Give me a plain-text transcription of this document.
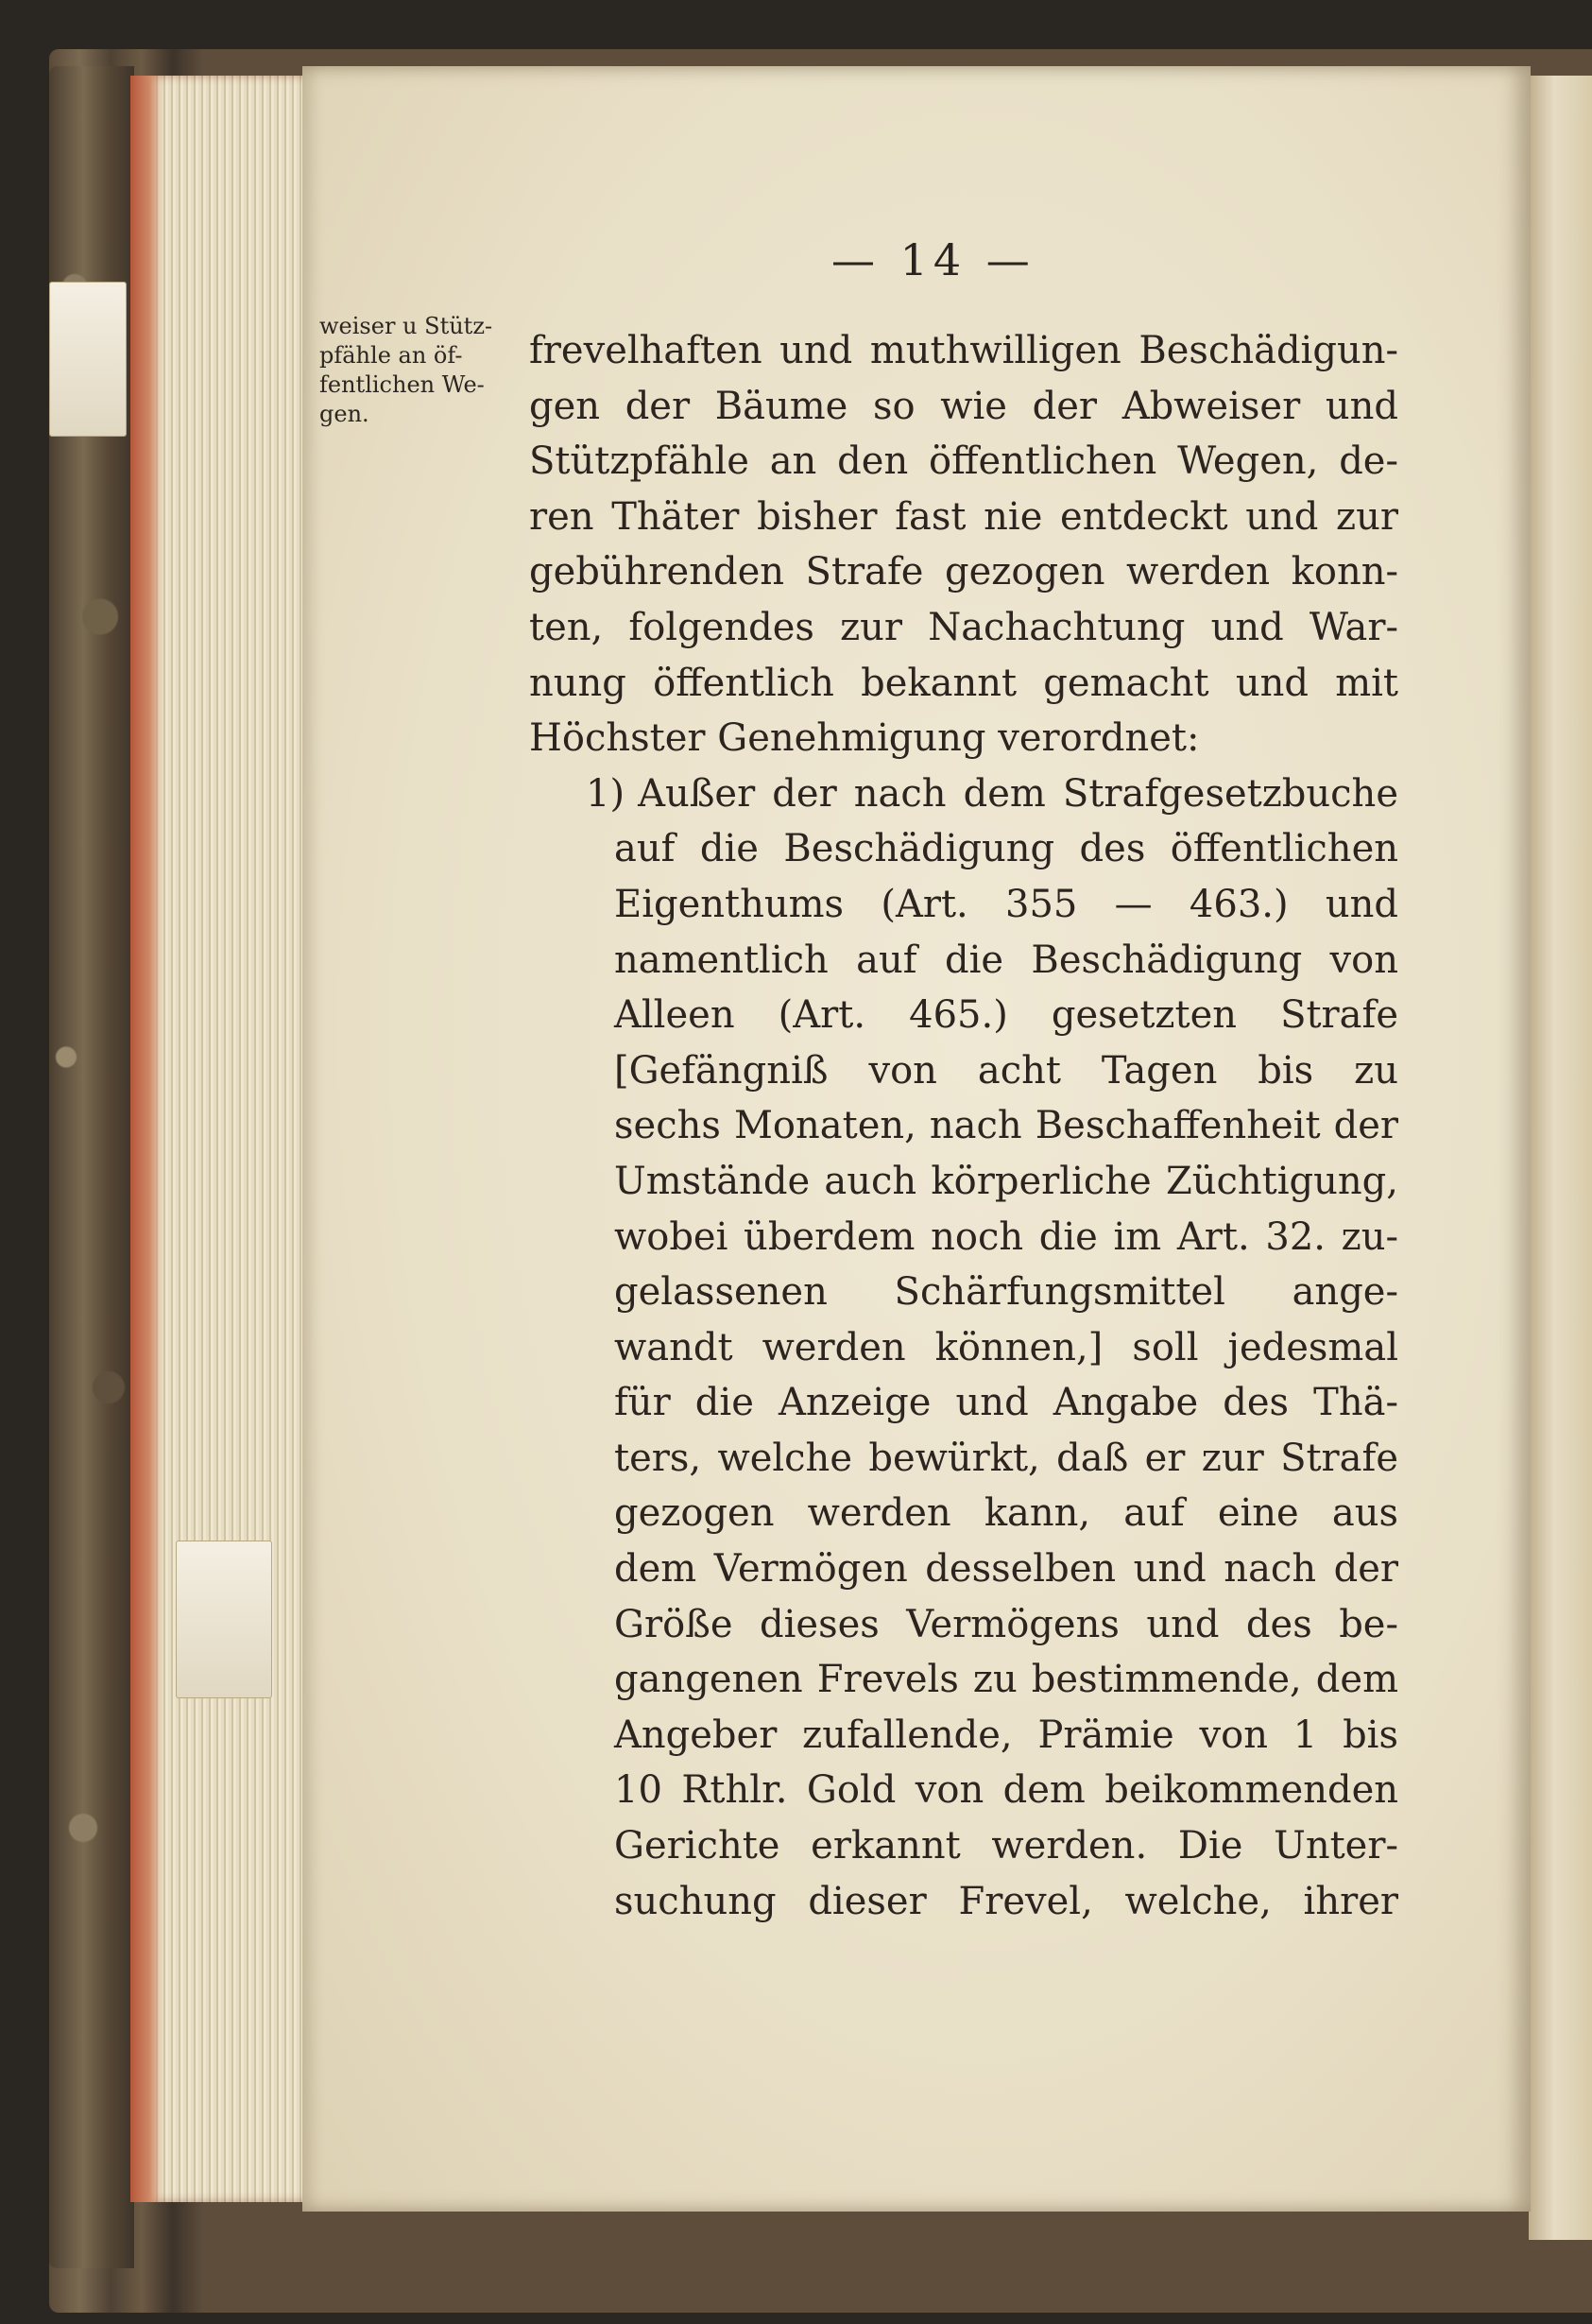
— 14 —
weiser u Stütz-
pfähle an öf-
fentlichen We-
gen.
frevelhaften und muthwilligen Beschädigun-
gen der Bäume so wie der Abweiser und
Stützpfähle an den öffentlichen Wegen, de-
ren Thäter bisher fast nie entdeckt und zur
gebührenden Strafe gezogen werden konn-
ten, folgendes zur Nachachtung und War-
nung öffentlich bekannt gemacht und mit
Höchster Genehmigung verordnet:
1) Außer der nach dem Strafgesetzbuche
auf die Beschädigung des öffentlichen
Eigenthums (Art. 355 — 463.) und
namentlich auf die Beschädigung von
Alleen (Art. 465.) gesetzten Strafe
[Gefängniß von acht Tagen bis zu
sechs Monaten, nach Beschaffenheit der
Umstände auch körperliche Züchtigung,
wobei überdem noch die im Art. 32. zu-
gelassenen Schärfungsmittel ange-
wandt werden können,] soll jedesmal
für die Anzeige und Angabe des Thä-
ters, welche bewürkt, daß er zur Strafe
gezogen werden kann, auf eine aus
dem Vermögen desselben und nach der
Größe dieses Vermögens und des be-
gangenen Frevels zu bestimmende, dem
Angeber zufallende, Prämie von 1 bis
10 Rthlr. Gold von dem beikommenden
Gerichte erkannt werden. Die Unter-
suchung dieser Frevel, welche, ihrer
